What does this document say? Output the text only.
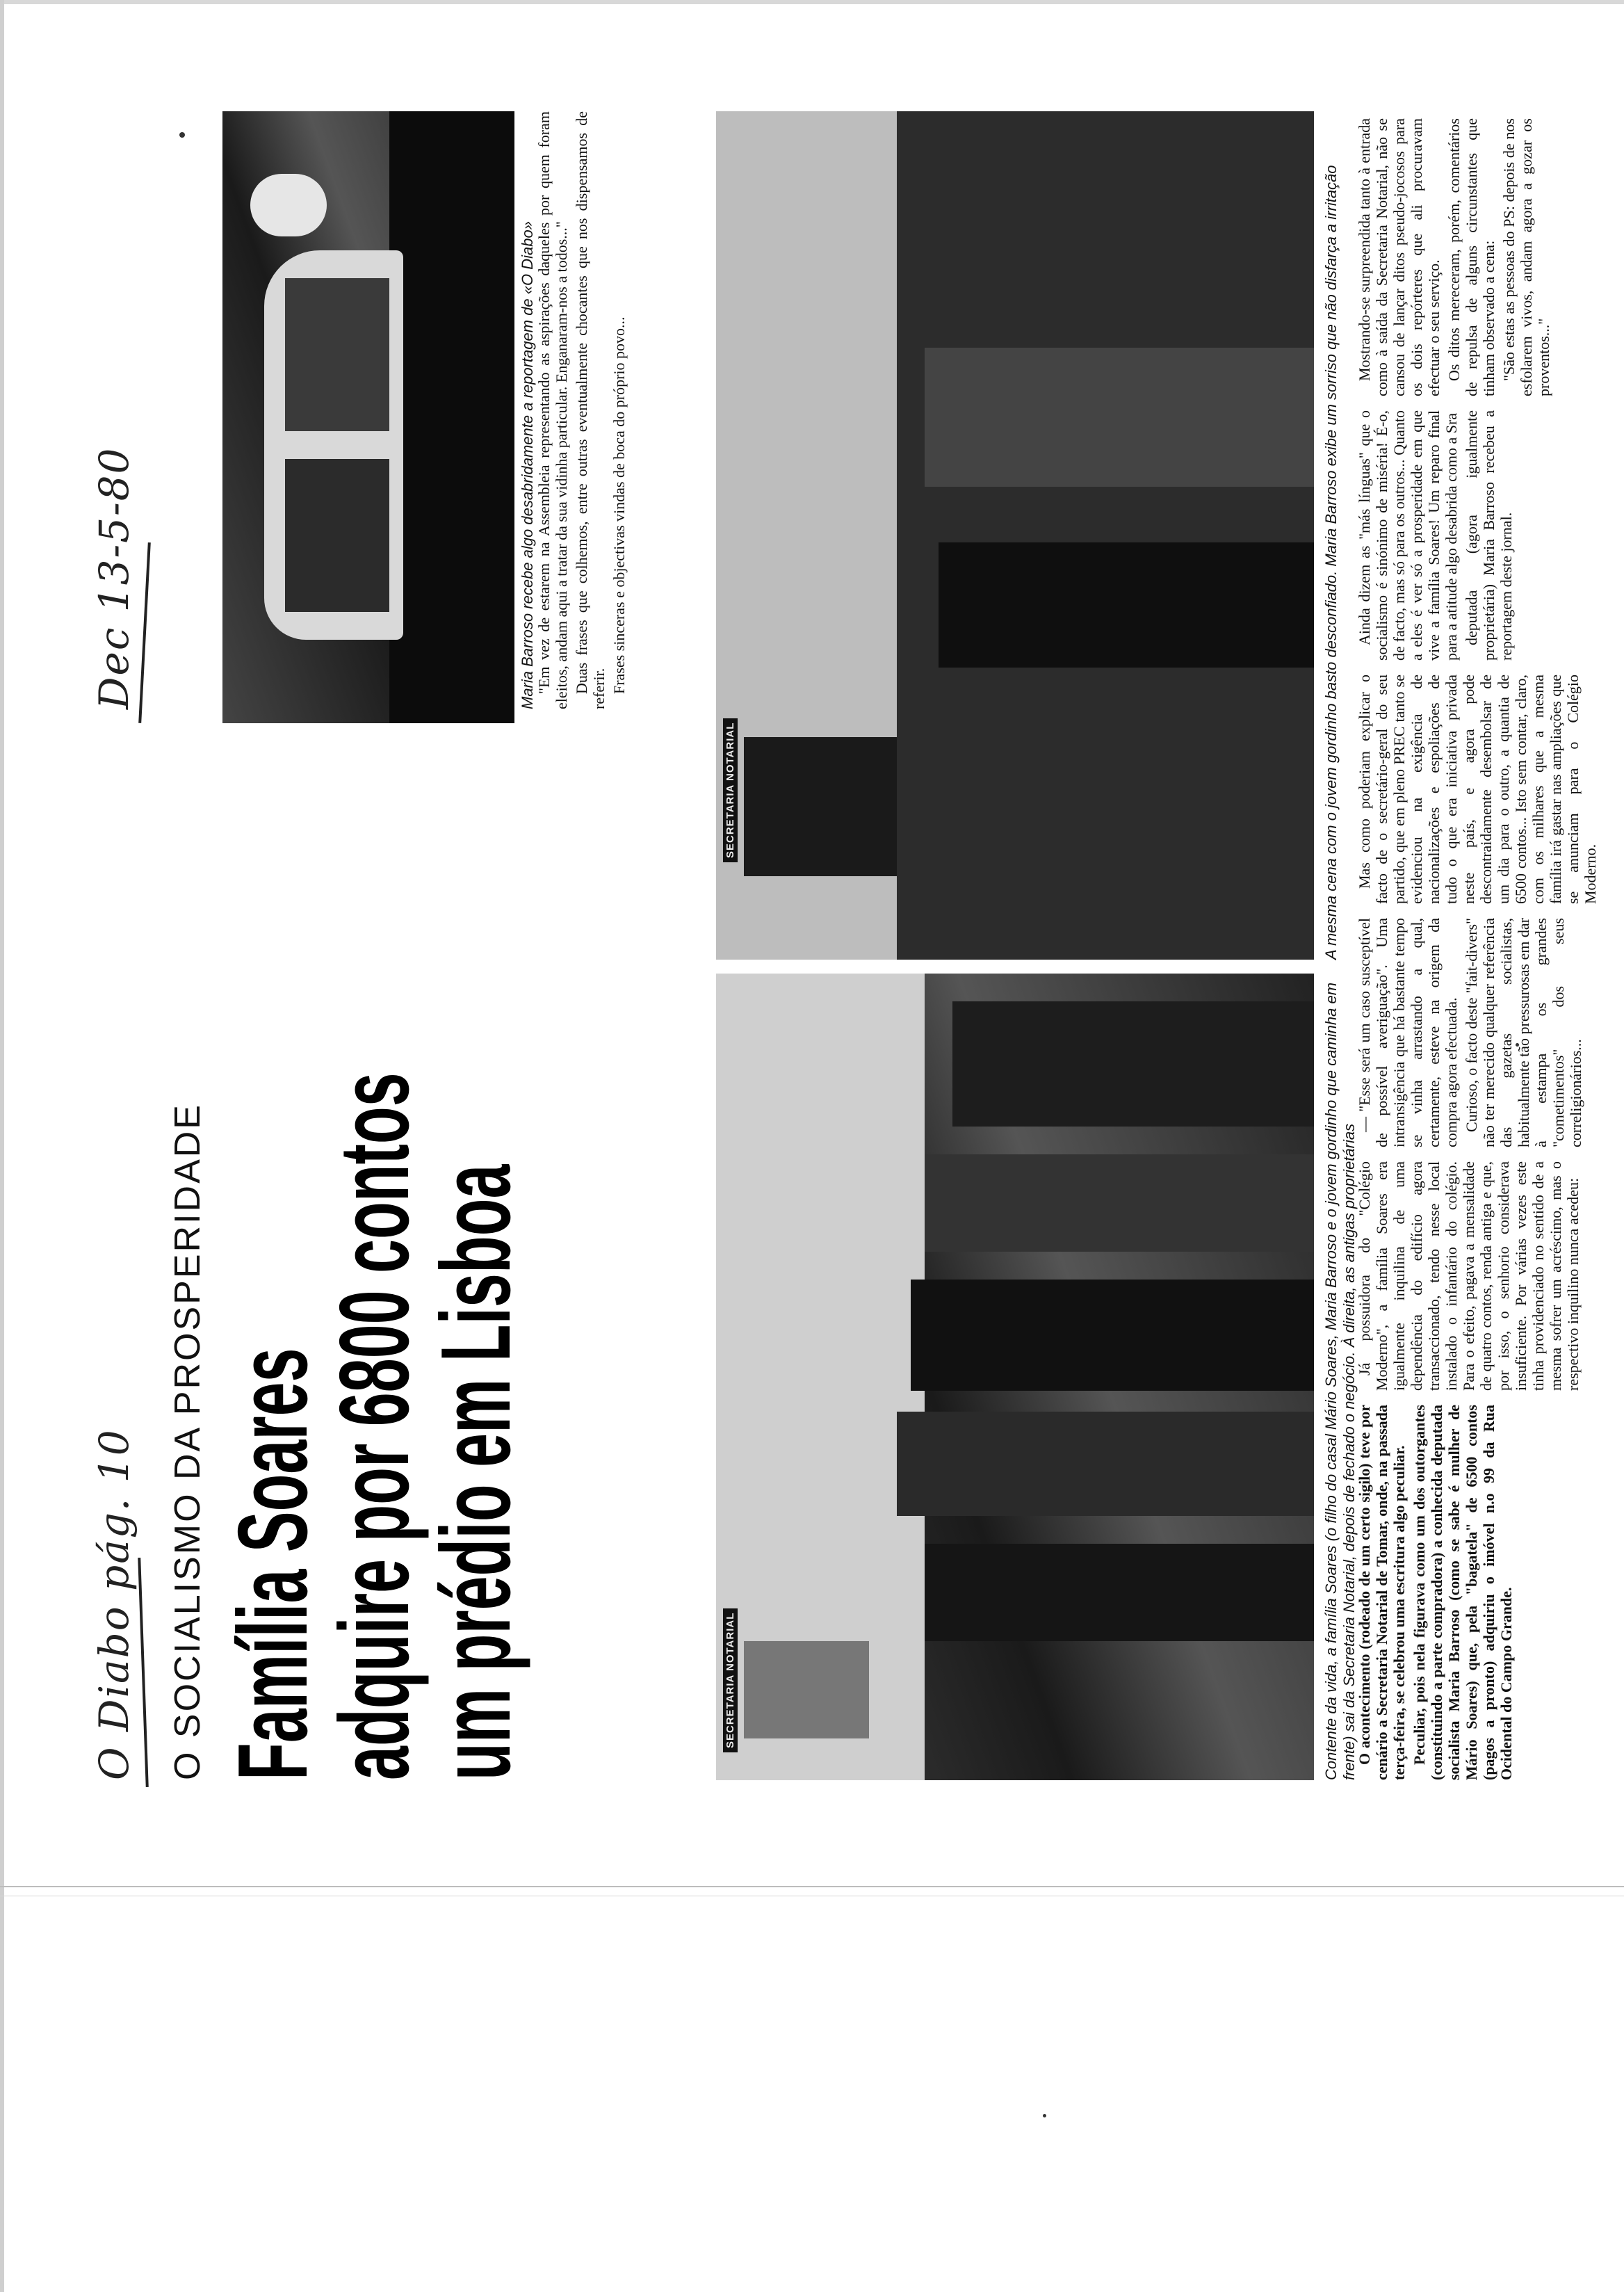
O Diabo pág. 10
Dec 13-5-80
O SOCIALISMO DA PROSPERIDADE Família Soares
adquire por 6800 contos
um prédio em Lisboa
Maria Barroso recebe algo desabridamente a reportagem de «O Diabo»
SECRETARIA NOTARIAL	Contente da vida, a família Soares (o filho do casal Mário Soares, Maria Barroso e o jovem gordinho que caminha em frente) sai da Secretaria Notarial, depois de fechado o negócio. À direita, as antigas proprietárias
SECRETARIA NOTARIAL	A mesma cena com o jovem gordinho basto desconfiado. Maria Barroso exibe um sorriso que não disfarça a irritação

O acontecimento (rodeado de um certo sigilo) teve por cenário a Secretaria Notarial de Tomar, onde, na passada terça-feira, se celebrou uma escritura algo peculiar. Peculiar, pois nela figurava como um dos outorgantes (constituindo a parte compradora) a conhecida deputada socialista Maria Barroso (como se sabe é mulher de Mário Soares) que, pela "bagatela" de 6500 contos (pagos a pronto) adquiriu o imóvel n.o 99 da Rua Ocidental do Campo Grande.

Já possuidora do "Colégio Moderno", a família Soares era igualmente inquilina de uma dependência do edifício agora transaccionado, tendo nesse local instalado o infantário do colégio. Para o efeito, pagava a mensalidade de quatro contos, renda antiga e que, por isso, o senhorio considerava insuficiente. Por várias vezes este tinha providenciado no sentido de a mesma sofrer um acréscimo, mas o respectivo inquilino nunca acedeu:

— "Esse será um caso susceptível de possível averiguação". Uma intransigência que há bastante tempo se vinha arrastando a qual, certamente, esteve na origem da compra agora efectuada. Curioso, o facto deste "fait-divers" não ter merecido qualquer referência das gazetas socialistas, habitualmente tão pressurosas em dar à estampa os grandes "cometimentos" dos seus correligionários...

Mas como poderiam explicar o facto de o secretário-geral do seu partido, que em pleno PREC tanto se evidenciou na exigência de nacionalizações e espoliações de tudo o que era iniciativa privada neste país, e agora pode descontraidamente desembolsar de um dia para o outro, a quantia de 6500 contos... Isto sem contar, claro, com os milhares que a mesma família irá gastar nas ampliações que se anunciam para o Colégio Moderno.

Ainda dizem as "más línguas" que o socialismo é sinónimo de miséria! É-o, de facto, mas só para os outros... Quanto a eles é ver só a prosperidade em que vive a família Soares! Um reparo final para a atitude algo desabrida como a Sra deputada (agora igualmente proprietária) Maria Barroso recebeu a reportagem deste jornal.

Mostrando-se surpreendida tanto à entrada como à saída da Secretaria Notarial, não se cansou de lançar ditos pseudo-jocosos para os dois repórteres que ali procuravam efectuar o seu serviço. Os ditos mereceram, porém, comentários de repulsa de alguns circunstantes que tinham observado a cena: "São estas as pessoas do PS: depois de nos esfolarem vivos, andam agora a gozar os proventos..."

"Em vez de estarem na Assembleia representando as aspirações daqueles por quem foram eleitos, andam aqui a tratar da sua vidinha particular. Enganaram-nos a todos..." Duas frases que colhemos, entre outras eventualmente chocantes que nos dispensamos de referir. Frases sinceras e objectivas vindas de boca do próprio povo...
